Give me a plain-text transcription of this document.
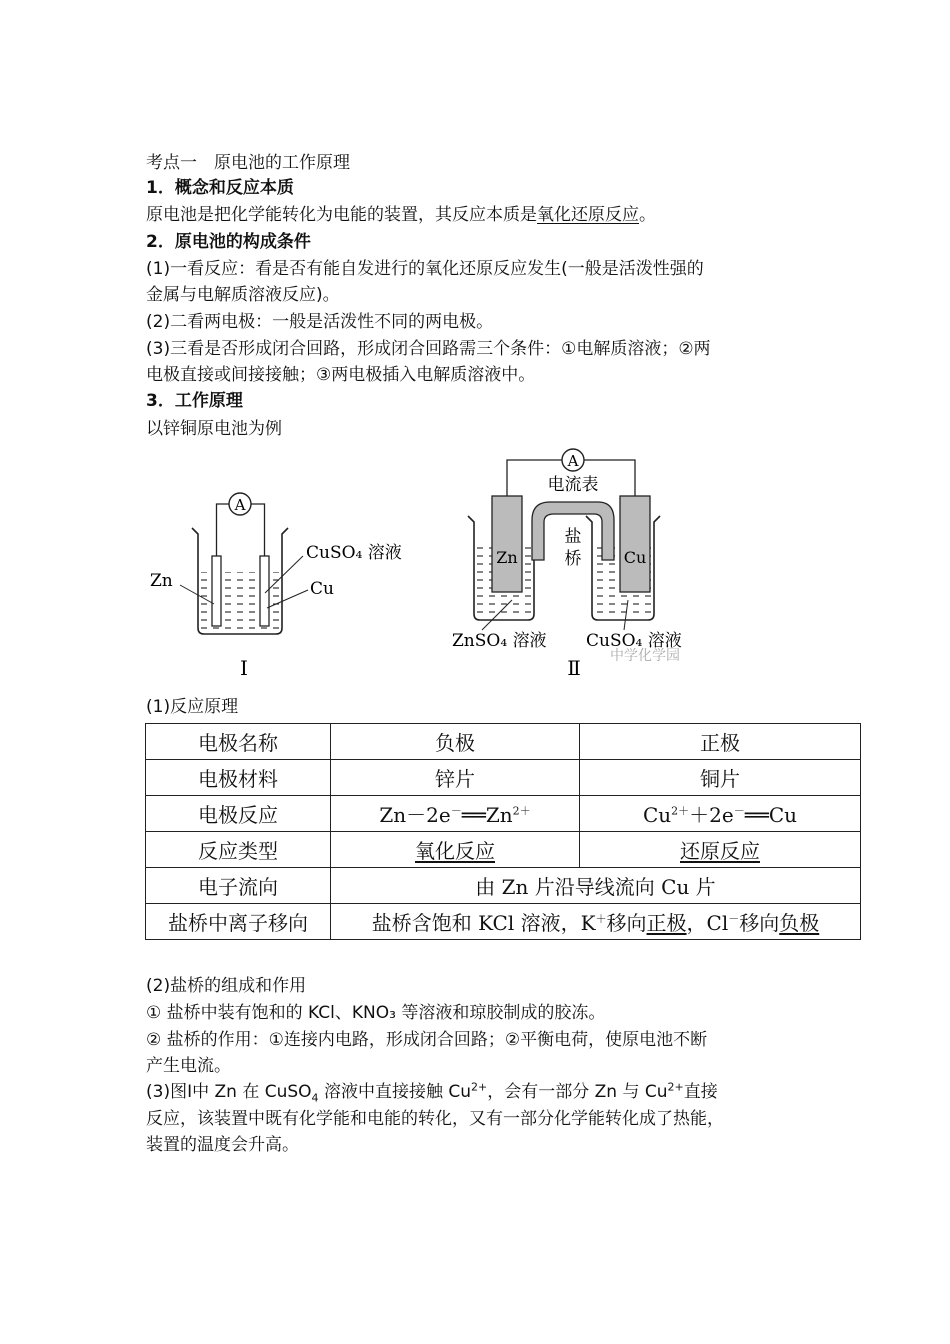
考点一　原电池的工作原理
1．概念和反应本质
原电池是把化学能转化为电能的装置，其反应本质是氧化还原反应。
2．原电池的构成条件
(1)一看反应：看是否有能自发进行的氧化还原反应发生(一般是活泼性强的
金属与电解质溶液反应)。
(2)二看两电极：一般是活泼性不同的两电极。
(3)三看是否形成闭合回路，形成闭合回路需三个条件：①电解质溶液；②两
电极直接或间接接触；③两电极插入电解质溶液中。
3．工作原理
以锌铜原电池为例
A
Zn
CuSO₄ 溶液
Cu
Ⅰ
A
电流表
盐
桥
Zn	Cu
ZnSO₄ 溶液 CuSO₄ 溶液
Ⅱ 中学化学园
(1)反应原理
电极名称	负极	正极
电极材料	锌片	铜片
电极反应	$Zn-2e^-══Zn^{2+}$	$Cu^{2+}+2e^-══Cu$
反应类型	氧化反应	还原反应
电子流向	由 Zn 片沿导线流向 Cu 片	
盐桥中离子移向	盐桥含饱和 KCl 溶液，K＋移向正极，Cl－移向负极	
(2)盐桥的组成和作用
① 盐桥中装有饱和的 KCl、KNO₃ 等溶液和琼胶制成的胶冻。
② 盐桥的作用：①连接内电路，形成闭合回路；②平衡电荷，使原电池不断
产生电流。
(3)图Ⅰ中 Zn 在 CuSO$_4$ 溶液中直接接触 $Cu^{2+}$，会有一部分 Zn 与 $Cu^{2+}$直接
反应，该装置中既有化学能和电能的转化，又有一部分化学能转化成了热能，
装置的温度会升高。
